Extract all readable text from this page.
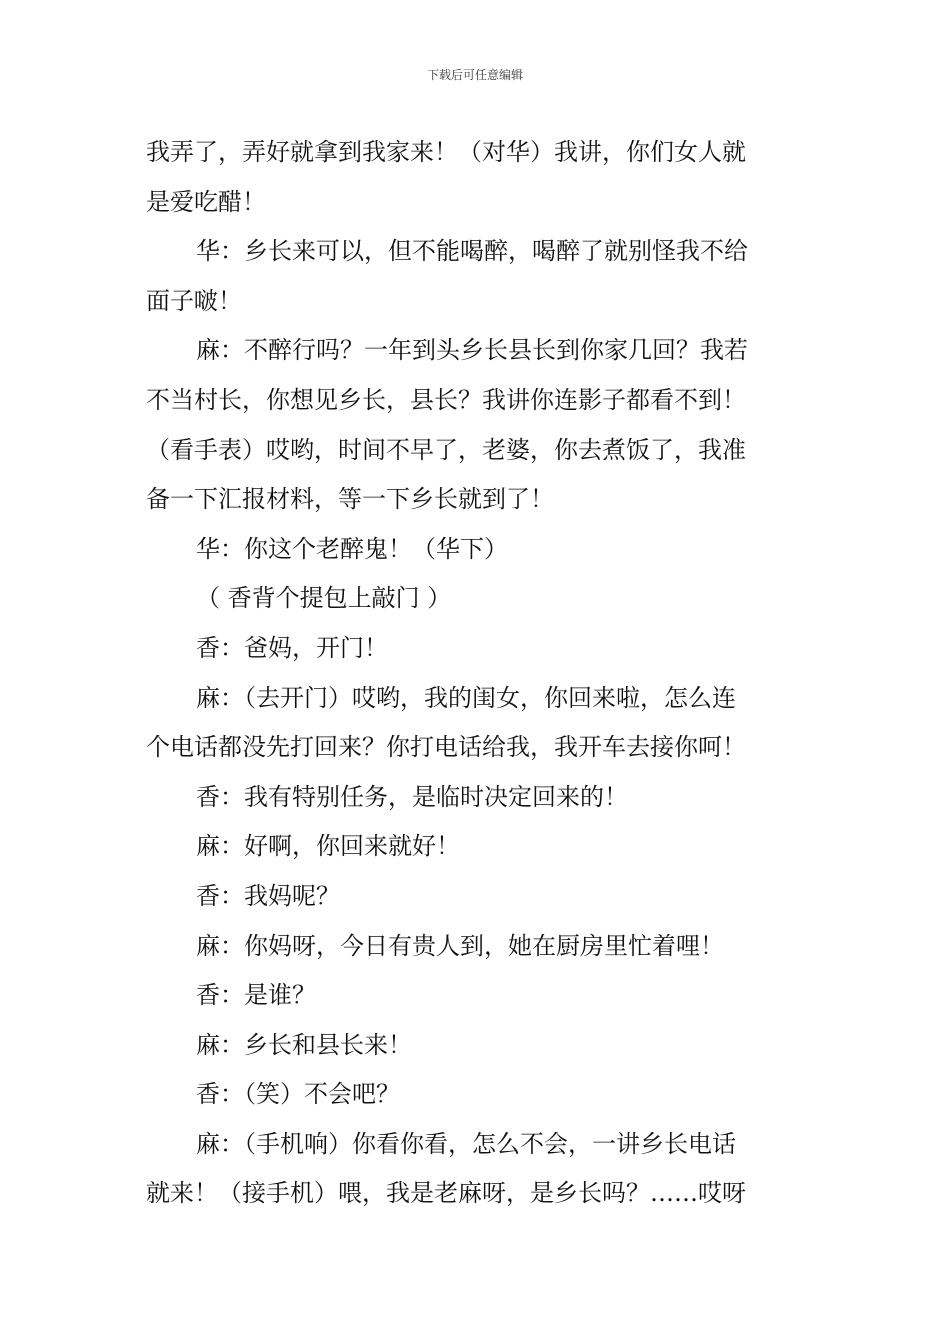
下载后可任意编辑

我弄了，弄好就拿到我家来！（对华）我讲，你们女人就

是爱吃醋！

华：乡长来可以，但不能喝醉，喝醉了就别怪我不给

面子啵！

麻：不醉行吗？一年到头乡长县长到你家几回？我若

不当村长，你想见乡长，县长？我讲你连影子都看不到！

（看手表）哎哟，时间不早了，老婆，你去煮饭了，我准

备一下汇报材料，等一下乡长就到了！

华：你这个老醉鬼！（华下）

（ 香背个提包上敲门 ）

香：爸妈，开门！

麻：（去开门）哎哟，我的闺女，你回来啦，怎么连

个电话都没先打回来？你打电话给我，我开车去接你呵！

香：我有特别任务，是临时决定回来的！

麻：好啊，你回来就好！

香：我妈呢？

麻：你妈呀，今日有贵人到，她在厨房里忙着哩！

香：是谁？

麻：乡长和县长来！

香：（笑）不会吧？

麻：（手机响）你看你看，怎么不会，一讲乡长电话

就来！（接手机）喂，我是老麻呀，是乡长吗？……哎呀
